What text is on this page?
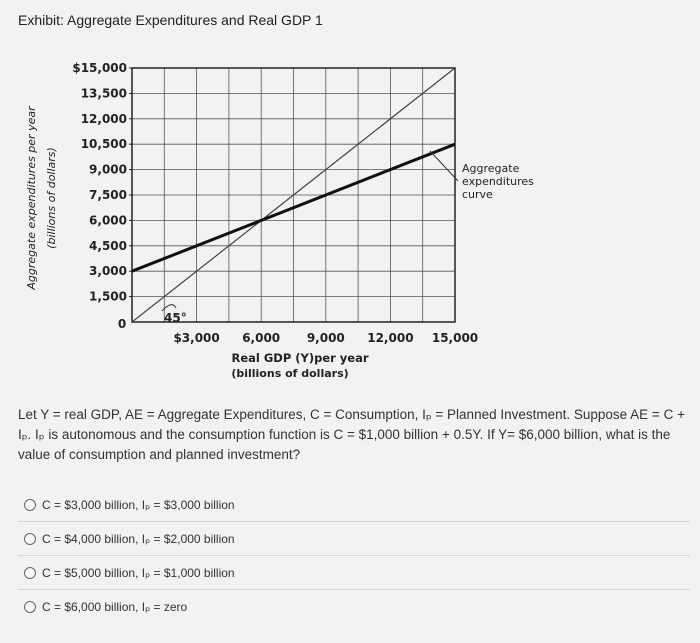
Exhibit: Aggregate Expenditures and Real GDP 1
1,500
3,000
4,500
6,000
7,500
9,000
10,500
12,000
13,500
$15,000
$3,000 6,000 9,000 12,000 15,000
0	45°
Aggregate expenditures per year (billions of dollars)
Real GDP (Y)per year
(billions of dollars)
Aggregate
expenditures
curve
Let Y = real GDP, AE = Aggregate Expenditures, C = Consumption, Iₚ = Planned Investment. Suppose AE = C + Iₚ. Iₚ is autonomous and the consumption function is C = $1,000 billion + 0.5Y. If Y= $6,000 billion, what is the value of consumption and planned investment?
C = $3,000 billion, Iₚ = $3,000 billion
C = $4,000 billion, Iₚ = $2,000 billion
C = $5,000 billion, Iₚ = $1,000 billion
C = $6,000 billion, Iₚ = zero
